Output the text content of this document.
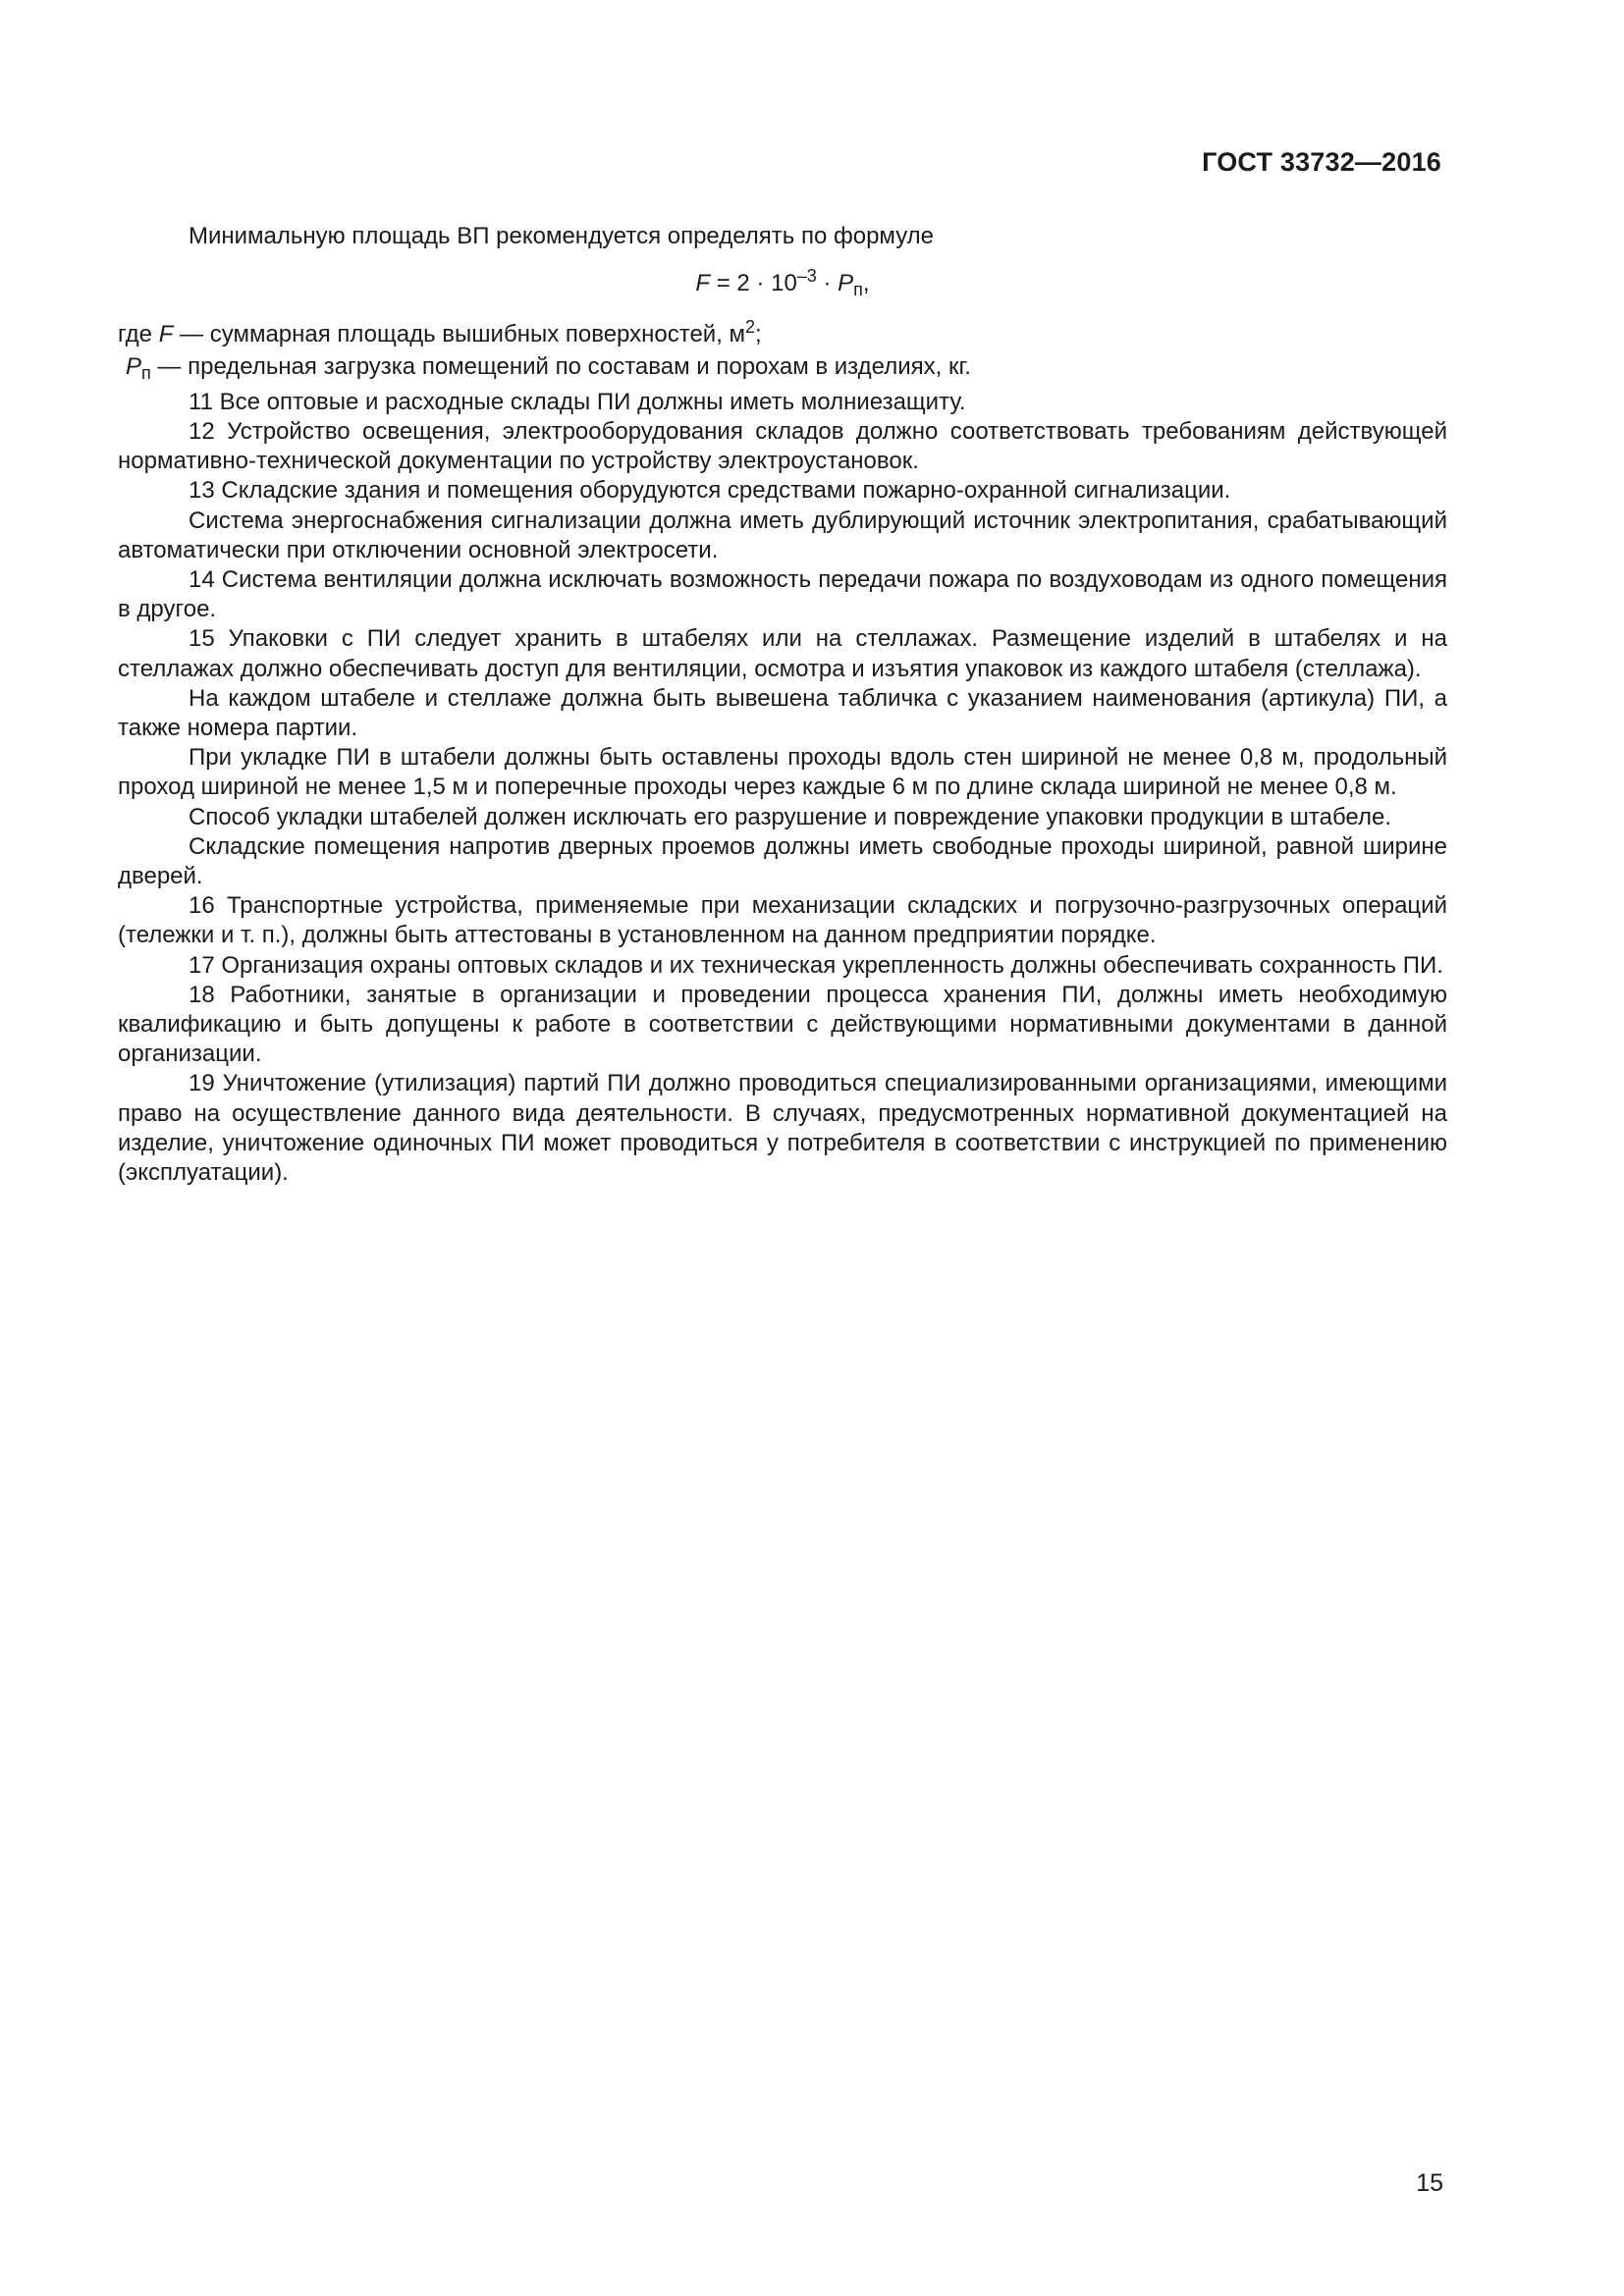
ГОСТ 33732—2016

Минимальную площадь ВП рекомендуется определять по формуле

$F = 2 \cdot 10^{-3} \cdot P_п$,
где F — суммарная площадь вышибных поверхностей, $м^2$;
$P_п$ — предельная загрузка помещений по составам и порохам в изделиях, кг.

11 Все оптовые и расходные склады ПИ должны иметь молниезащиту.

12 Устройство освещения, электрооборудования складов должно соответствовать требованиям действующей нормативно-технической документации по устройству электроустановок.

13 Складские здания и помещения оборудуются средствами пожарно-охранной сигнализации.

Система энергоснабжения сигнализации должна иметь дублирующий источник электропитания, срабатывающий автоматически при отключении основной электросети.

14 Система вентиляции должна исключать возможность передачи пожара по воздуховодам из одного помещения в другое.

15 Упаковки с ПИ следует хранить в штабелях или на стеллажах. Размещение изделий в штабелях и на стеллажах должно обеспечивать доступ для вентиляции, осмотра и изъятия упаковок из каждого штабеля (стеллажа).

На каждом штабеле и стеллаже должна быть вывешена табличка с указанием наименования (артикула) ПИ, а также номера партии.

При укладке ПИ в штабели должны быть оставлены проходы вдоль стен шириной не менее 0,8 м, продольный проход шириной не менее 1,5 м и поперечные проходы через каждые 6 м по длине склада шириной не менее 0,8 м.

Способ укладки штабелей должен исключать его разрушение и повреждение упаковки продукции в штабеле.

Складские помещения напротив дверных проемов должны иметь свободные проходы шириной, равной ширине дверей.

16 Транспортные устройства, применяемые при механизации складских и погрузочно-разгрузочных операций (тележки и т. п.), должны быть аттестованы в установленном на данном предприятии порядке.

17 Организация охраны оптовых складов и их техническая укрепленность должны обеспечивать сохранность ПИ.

18 Работники, занятые в организации и проведении процесса хранения ПИ, должны иметь необходимую квалификацию и быть допущены к работе в соответствии с действующими нормативными документами в данной организации.

19 Уничтожение (утилизация) партий ПИ должно проводиться специализированными организациями, имеющими право на осуществление данного вида деятельности. В случаях, предусмотренных нормативной документацией на изделие, уничтожение одиночных ПИ может проводиться у потребителя в соответствии с инструкцией по применению (эксплуатации).

15
